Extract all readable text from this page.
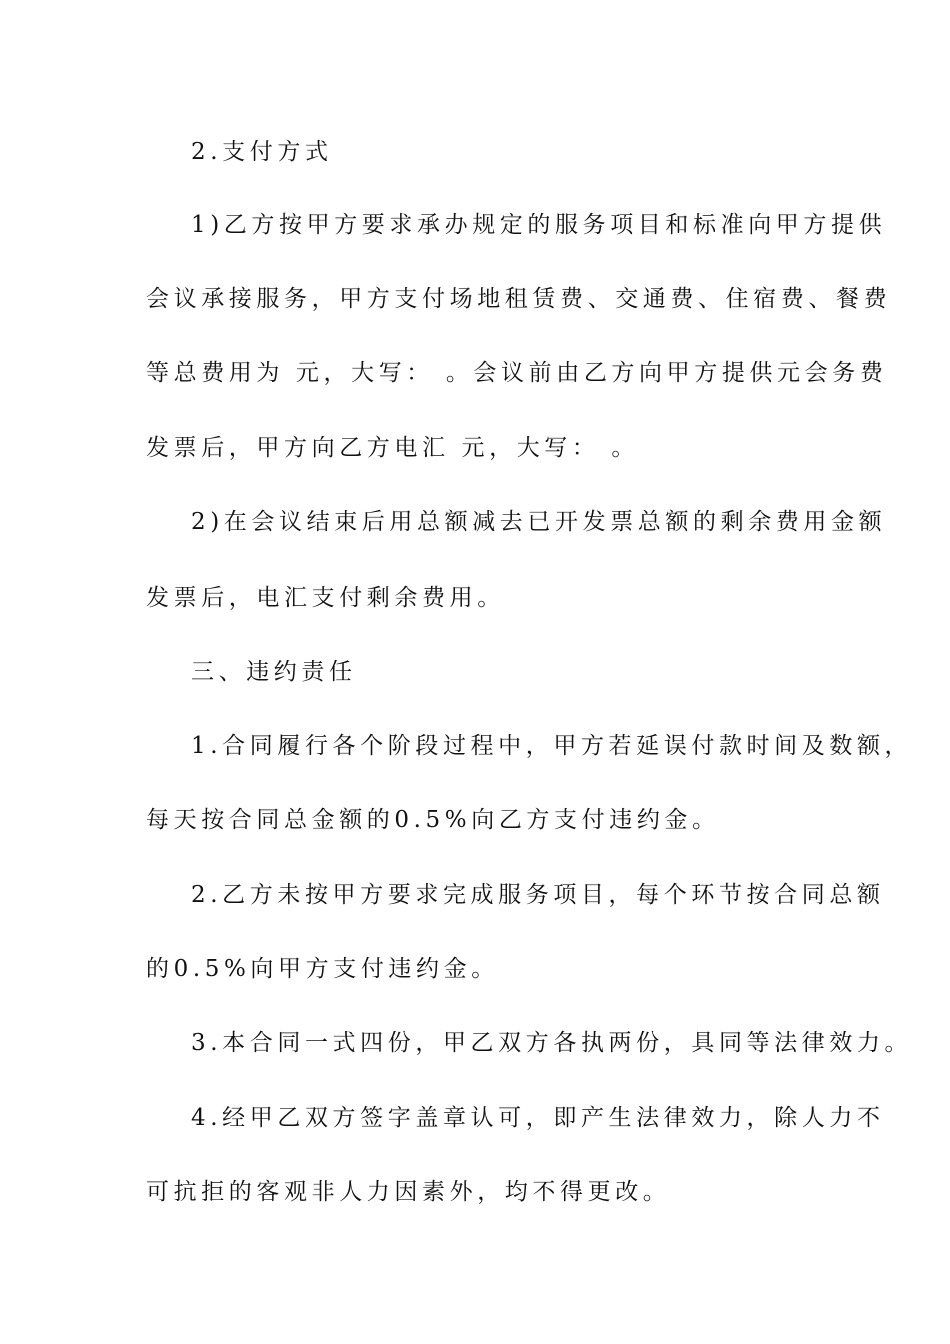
2.支付方式
1)乙方按甲方要求承办规定的服务项目和标准向甲方提供
会议承接服务，甲方支付场地租赁费、交通费、住宿费、餐费
等总费用为 元，大写： 。会议前由乙方向甲方提供元会务费
发票后，甲方向乙方电汇 元，大写： 。
2)在会议结束后用总额减去已开发票总额的剩余费用金额
发票后，电汇支付剩余费用。
三、违约责任
1.合同履行各个阶段过程中，甲方若延误付款时间及数额，
每天按合同总金额的0.5%向乙方支付违约金。
2.乙方未按甲方要求完成服务项目，每个环节按合同总额
的0.5%向甲方支付违约金。
3.本合同一式四份，甲乙双方各执两份，具同等法律效力。
4.经甲乙双方签字盖章认可，即产生法律效力，除人力不
可抗拒的客观非人力因素外，均不得更改。
